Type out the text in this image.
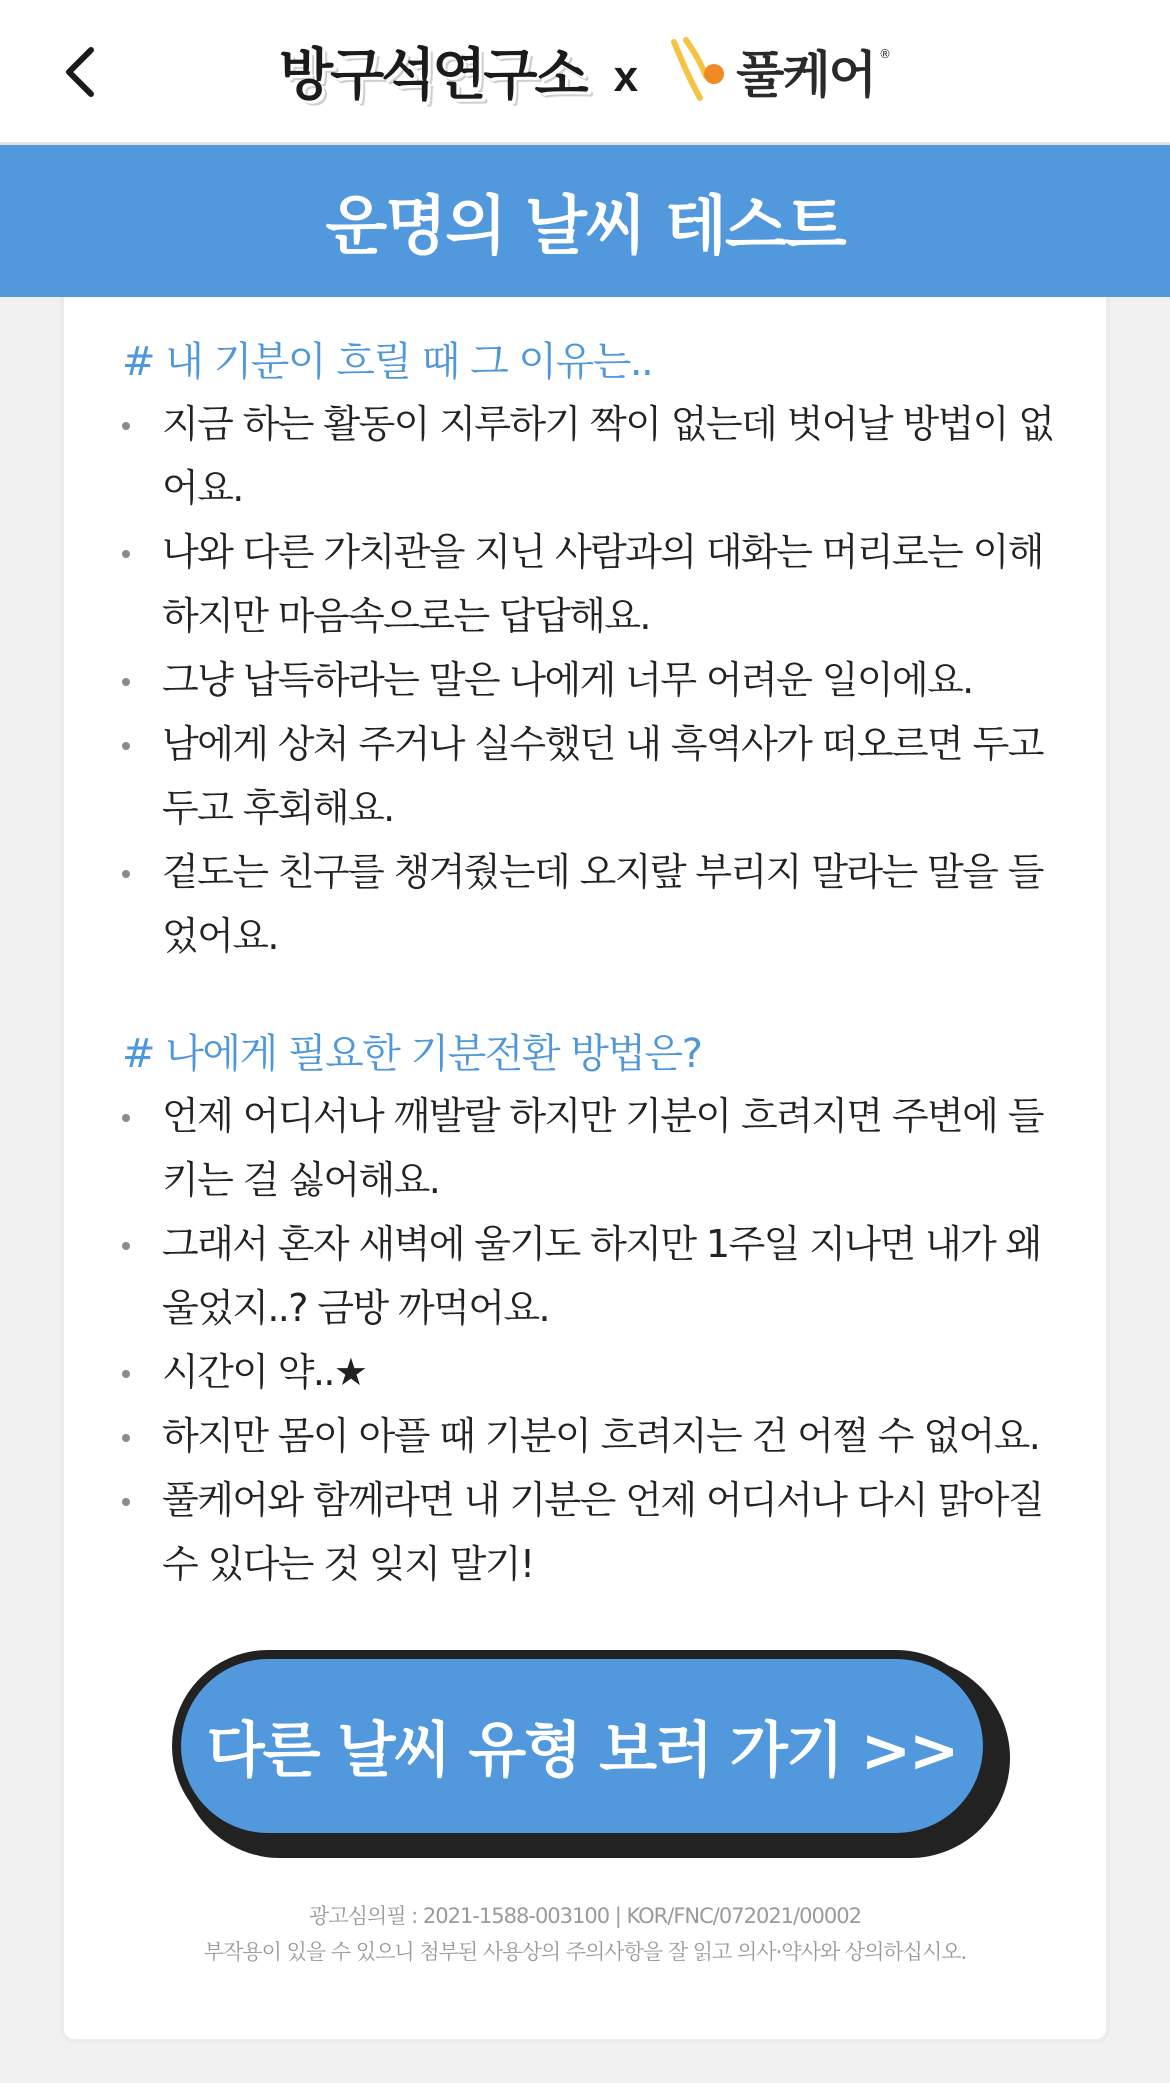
방구석연구소 x 풀케어 ®
운명의 날씨 테스트
# 내 기분이 흐릴 때 그 이유는..
지금 하는 활동이 지루하기 짝이 없는데 벗어날 방법이 없어요.
나와 다른 가치관을 지닌 사람과의 대화는 머리로는 이해하지만 마음속으로는 답답해요.
그냥 납득하라는 말은 나에게 너무 어려운 일이에요.
남에게 상처 주거나 실수했던 내 흑역사가 떠오르면 두고두고 후회해요.
겉도는 친구를 챙겨줬는데 오지랖 부리지 말라는 말을 들었어요.
# 나에게 필요한 기분전환 방법은?
언제 어디서나 깨발랄 하지만 기분이 흐려지면 주변에 들키는 걸 싫어해요.
그래서 혼자 새벽에 울기도 하지만 1주일 지나면 내가 왜 울었지..? 금방 까먹어요.
시간이 약..★
하지만 몸이 아플 때 기분이 흐려지는 건 어쩔 수 없어요.
풀케어와 함께라면 내 기분은 언제 어디서나 다시 맑아질 수 있다는 것 잊지 말기!
다른 날씨 유형 보러 가기 >>
광고심의필 : 2021-1588-003100 | KOR/FNC/072021/00002
부작용이 있을 수 있으니 첨부된 사용상의 주의사항을 잘 읽고 의사·약사와 상의하십시오.
